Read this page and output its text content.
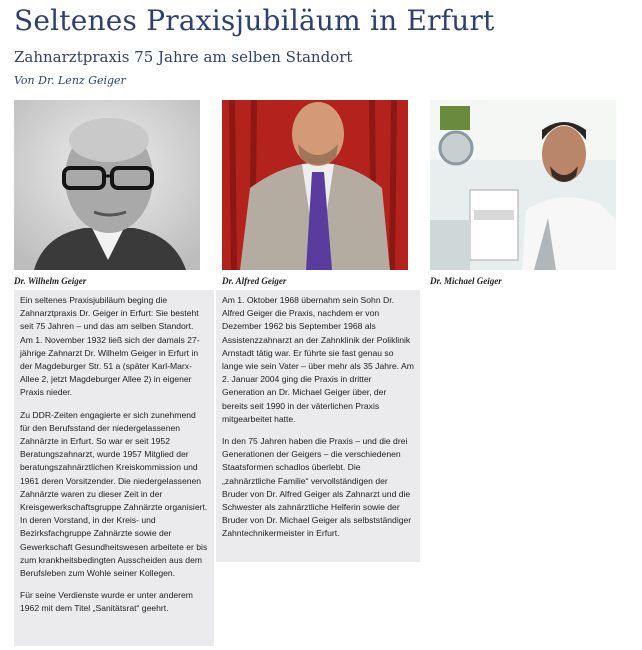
Seltenes Praxisjubiläum in Erfurt
Zahnarztpraxis 75 Jahre am selben Standort
Von Dr. Lenz Geiger
Dr. Wilhelm Geiger	Dr. Alfred Geiger	Dr. Michael Geiger

Ein seltenes Praxisjubiläum beging die Zahnarztpraxis Dr. Geiger in Erfurt: Sie besteht seit 75 Jahren – und das am selben Standort. Am 1. November 1932 ließ sich der damals 27-jährige Zahnarzt Dr. Wilhelm Geiger in Erfurt in der Magdeburger Str. 51 a (später Karl-Marx-Allee 2, jetzt Magdeburger Allee 2) in eigener Praxis nieder.

Zu DDR-Zeiten engagierte er sich zunehmend für den Berufsstand der niedergelassenen Zahnärzte in Erfurt. So war er seit 1952 Beratungszahnarzt, wurde 1957 Mitglied der beratungszahnärztlichen Kreiskommission und 1961 deren Vorsitzender. Die niedergelassenen Zahnärzte waren zu dieser Zeit in der Kreisgewerkschaftsgruppe Zahnärzte organisiert. In deren Vorstand, in der Kreis- und Bezirksfachgruppe Zahnärzte sowie der Gewerkschaft Gesundheitswesen arbeitete er bis zum krankheitsbedingten Ausscheiden aus dem Berufsleben zum Wohle seiner Kollegen.

Für seine Verdienste wurde er unter anderem 1962 mit dem Titel „Sanitätsrat“ geehrt.

Am 1. Oktober 1968 übernahm sein Sohn Dr. Alfred Geiger die Praxis, nachdem er von Dezember 1962 bis September 1968 als Assistenzzahnarzt an der Zahnklinik der Poliklinik Arnstadt tätig war. Er führte sie fast genau so lange wie sein Vater – über mehr als 35 Jahre. Am 2. Januar 2004 ging die Praxis in dritter Generation an Dr. Michael Geiger über, der bereits seit 1990 in der väterlichen Praxis mitgearbeitet hatte.

In den 75 Jahren haben die Praxis – und die drei Generationen der Geigers – die verschiedenen Staatsformen schadlos überlebt. Die „zahnärztliche Familie“ vervollständigen der Bruder von Dr. Alfred Geiger als Zahnarzt und die Schwester als zahnärztliche Helferin sowie der Bruder von Dr. Michael Geiger als selbstständiger Zahntechnikermeister in Erfurt.
